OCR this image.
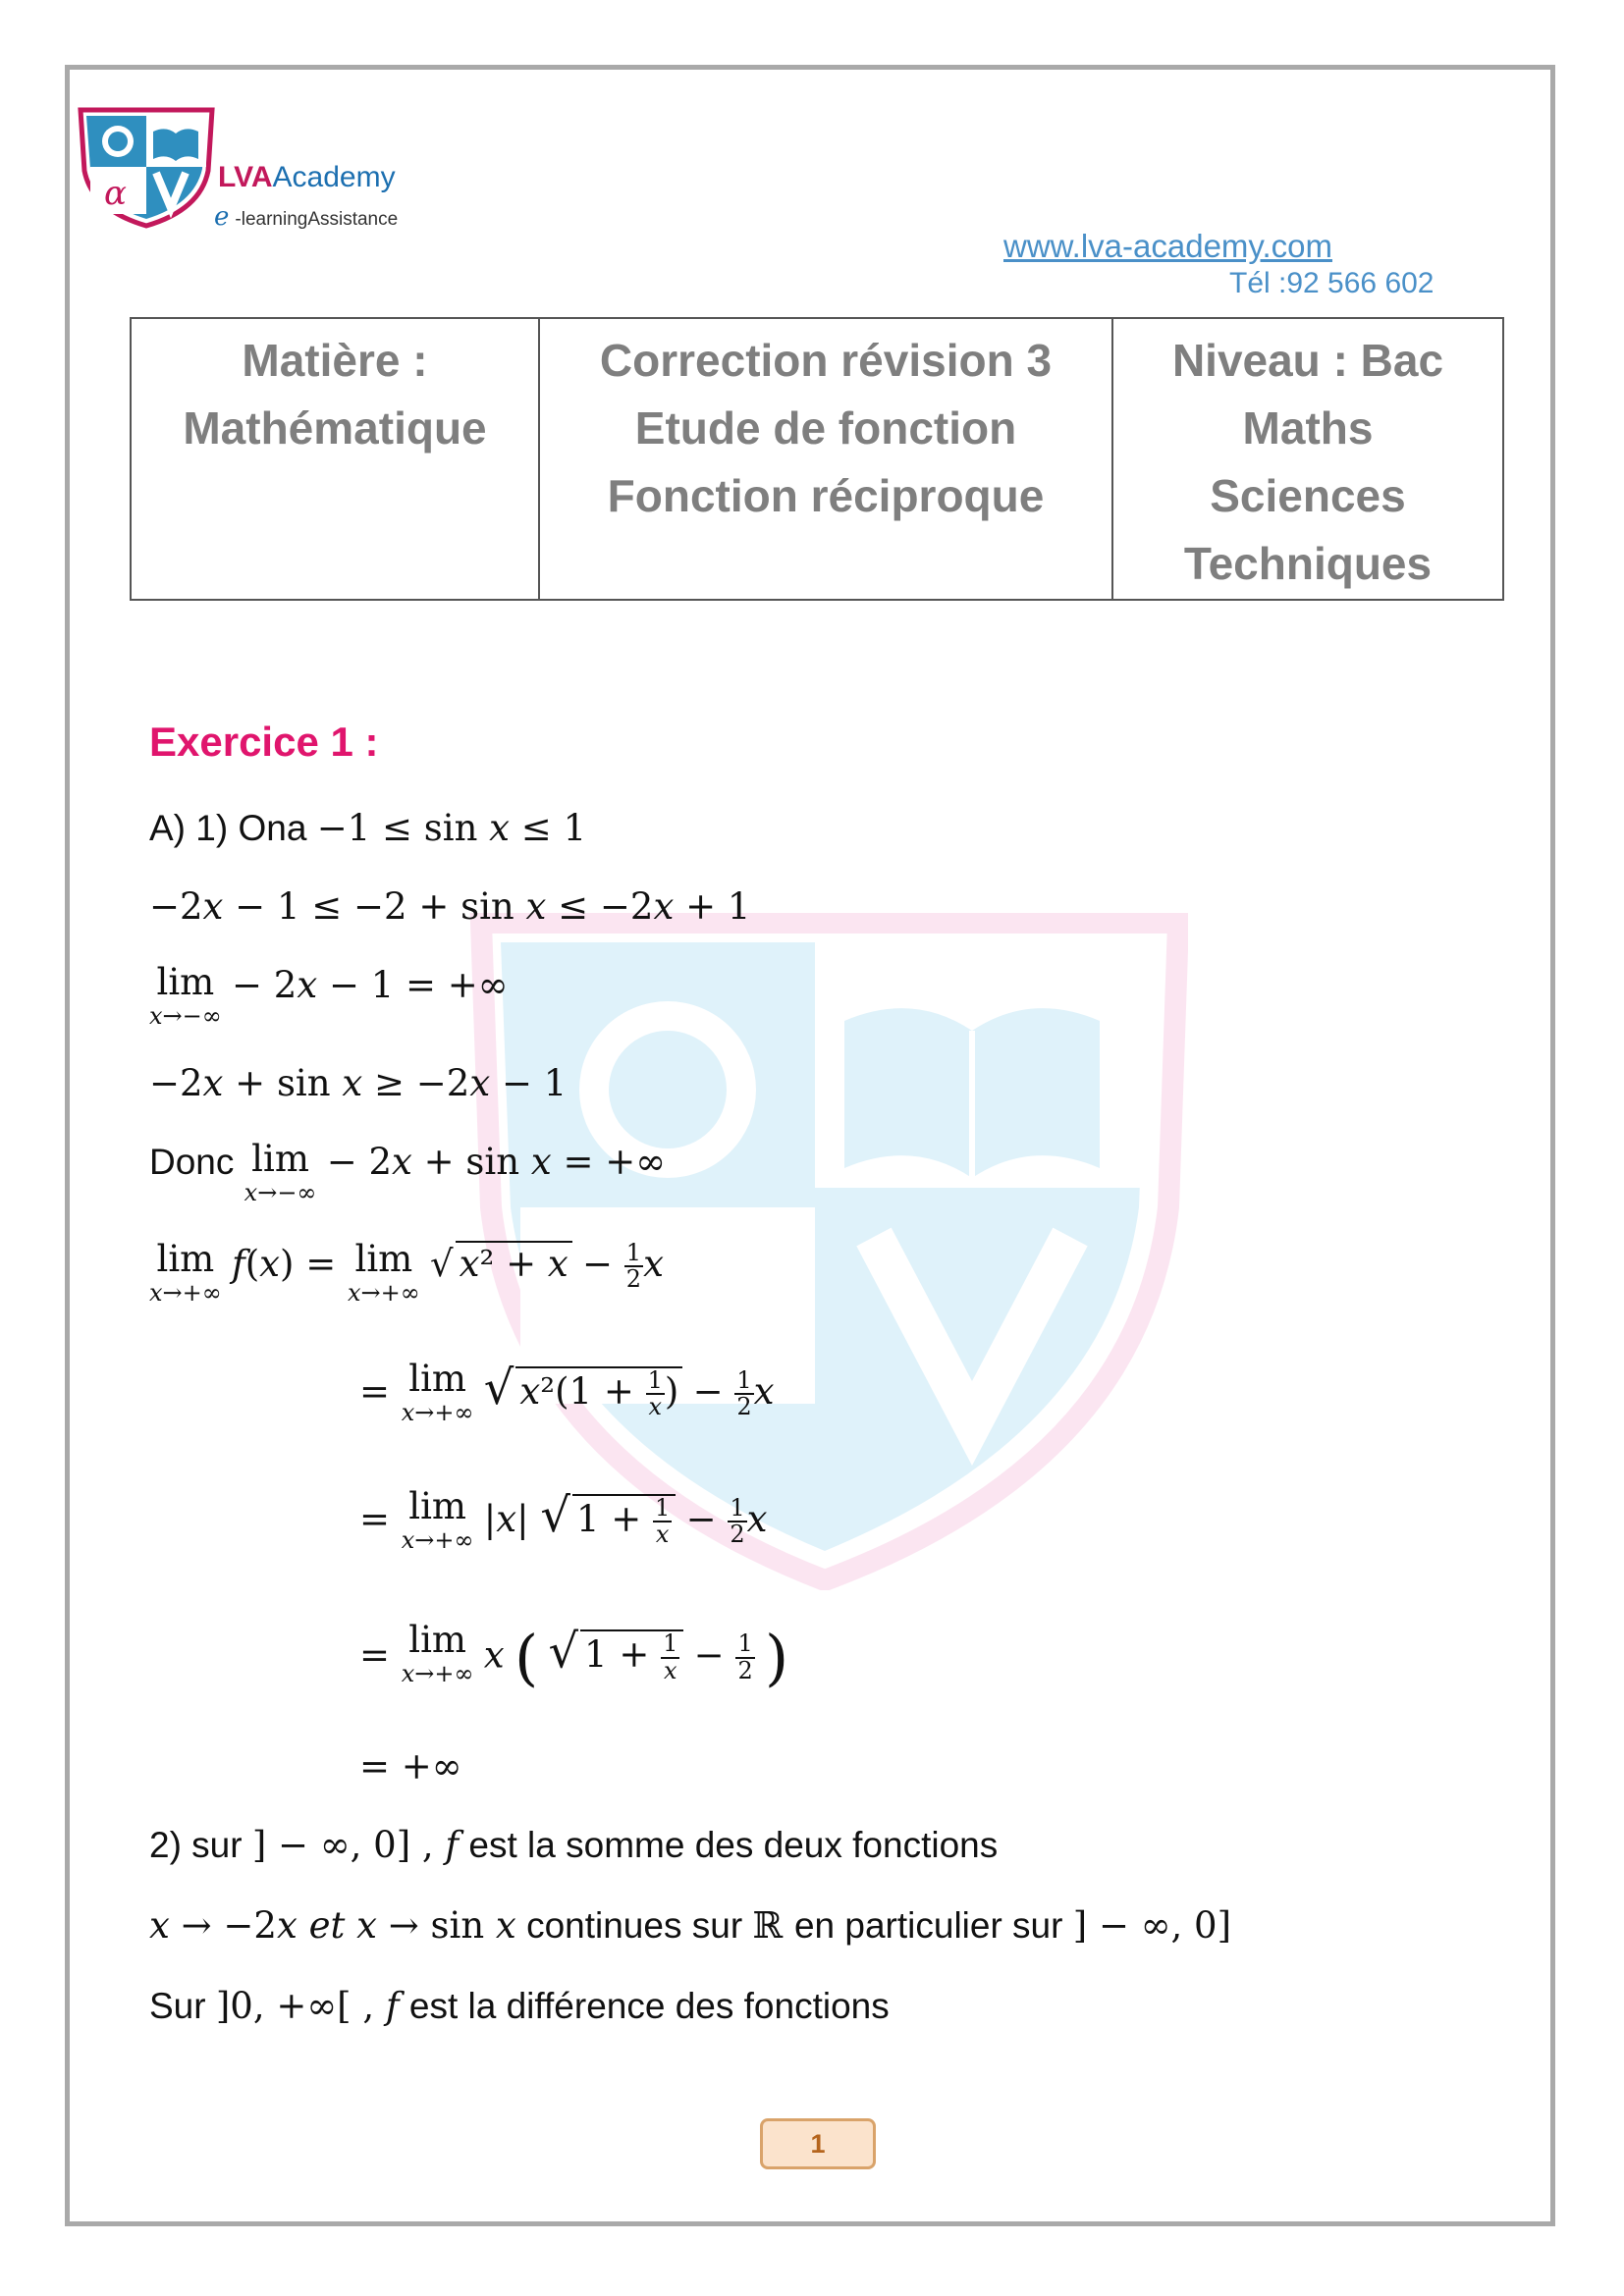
α	LVAAcademy
e -learningAssistance
www.lva-academy.com
Tél :92 566 602
Matière :
Mathématique

Correction révision 3
Etude de fonction
Fonction réciproque

Niveau : Bac
Maths
Sciences
Techniques
Exercice 1 :
A) 1) Ona −1 ≤ sin x ≤ 1
−2x − 1 ≤ −2 + sin x ≤ −2x + 1
lim
x→−∞
− 2x − 1 = +∞
−2x + sin x ≥ −2x − 1
Donc lim
x→−∞
− 2x + sin x = +∞
lim
x→+∞
f(x) = lim
x→+∞
√ $x^2 + x - \frac{1}{2}$ x
= lim
x→+∞ √ $x^2(1 + \frac{1}{x}$ ) − $\frac{1}{2}$ x
= lim
x→+∞ |x| √ $1 + \frac{1}{x} - \frac{1}{2}$ x
= lim
x→+∞ x ( √ $1 + \frac{1}{x} - \frac{1}{2}$ )
= +∞
2) sur ] − ∞, 0] , f est la somme des deux fonctions
x → −2x et x → sin x continues sur ℝ en particulier sur ] − ∞, 0]
Sur ]0, +∞[ , f est la différence des fonctions
1
